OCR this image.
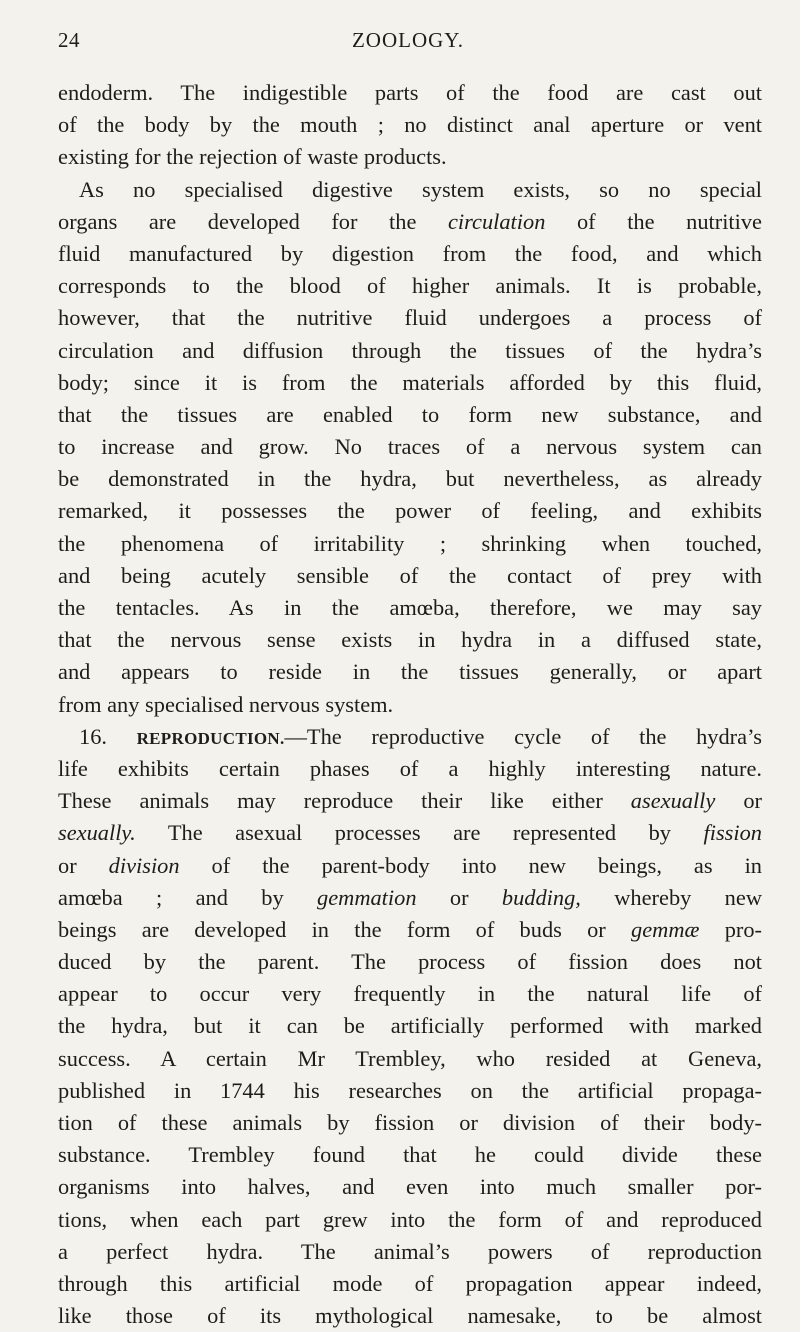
24	ZOOLOGY.
endoderm. The indigestible parts of the food are cast out
of the body by the mouth ; no distinct anal aperture or vent
existing for the rejection of waste products.
As no specialised digestive system exists, so no special
organs are developed for the circulation of the nutritive
fluid manufactured by digestion from the food, and which
corresponds to the blood of higher animals. It is probable,
however, that the nutritive fluid undergoes a process of
circulation and diffusion through the tissues of the hydra’s
body; since it is from the materials afforded by this fluid,
that the tissues are enabled to form new substance, and
to increase and grow. No traces of a nervous system can
be demonstrated in the hydra, but nevertheless, as already
remarked, it possesses the power of feeling, and exhibits
the phenomena of irritability ; shrinking when touched,
and being acutely sensible of the contact of prey with
the tentacles. As in the amœba, therefore, we may say
that the nervous sense exists in hydra in a diffused state,
and appears to reside in the tissues generally, or apart
from any specialised nervous system.
16. REPRODUCTION.—The reproductive cycle of the hydra’s
life exhibits certain phases of a highly interesting nature.
These animals may reproduce their like either asexually or
sexually. The asexual processes are represented by fission
or division of the parent-body into new beings, as in
amœba ; and by gemmation or budding, whereby new
beings are developed in the form of buds or gemmæ pro-
duced by the parent. The process of fission does not
appear to occur very frequently in the natural life of
the hydra, but it can be artificially performed with marked
success. A certain Mr Trembley, who resided at Geneva,
published in 1744 his researches on the artificial propaga-
tion of these animals by fission or division of their body-
substance. Trembley found that he could divide these
organisms into halves, and even into much smaller por-
tions, when each part grew into the form of and reproduced
a perfect hydra. The animal’s powers of reproduction
through this artificial mode of propagation appear indeed,
like those of its mythological namesake, to be almost
